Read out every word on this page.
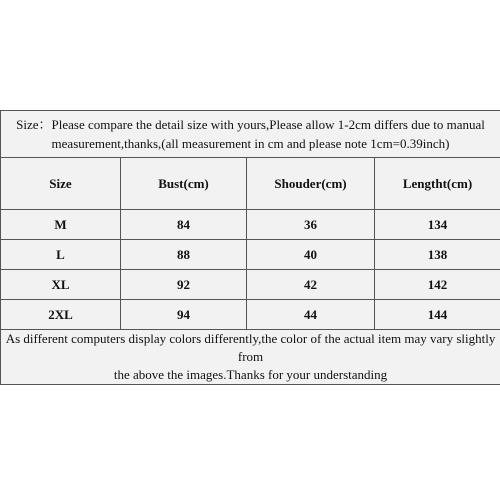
Size：Please compare the detail size with yours,Please allow 1-2cm differs due to manual
measurement,thanks,(all measurement in cm and please note 1cm=0.39inch)			

Size	Bust(cm)	Shouder(cm)	Lengtht(cm)
M	84	36	134
L	88	40	138
XL	92	42	142
2XL	94	44	144

As different computers display colors differently,the color of the actual item may vary slightly from
the above the images.Thanks for your understanding			
